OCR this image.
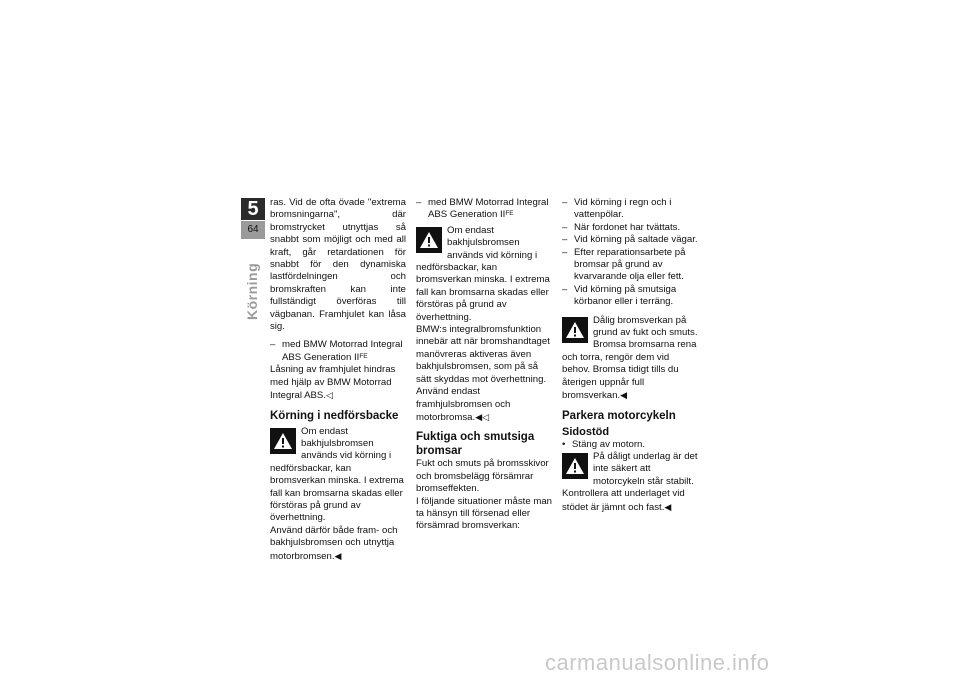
5
64
Körning

ras. Vid de ofta övade "extrema bromsningarna", där bromstrycket utnyttjas så snabbt som möjligt och med all kraft, går retardationen för snabbt för den dynamiska lastfördelningen och bromskraften kan inte fullständigt överföras till vägbanan. Framhjulet kan låsa sig.

– med BMW Motorrad Integral ABS Generation $II^{FE}$

Låsning av framhjulet hindras med hjälp av BMW Motorrad Integral ABS.◁

Körning i nedförsbacke

Om endast bakhjulsbromsen används vid körning i nedförsbackar, kan bromsverkan minska. I extrema fall kan bromsarna skadas eller förstöras på grund av överhettning.

Använd därför både fram- och bakhjulsbromsen och utnyttja motorbromsen.◀

– med BMW Motorrad Integral ABS Generation $II^{FE}$

Om endast bakhjulsbromsen används vid körning i nedförsbackar, kan bromsverkan minska. I extrema fall kan bromsarna skadas eller förstöras på grund av överhettning.

BMW:s integralbromsfunktion innebär att när bromshandtaget manövreras aktiveras även bakhjulsbromsen, som på så sätt skyddas mot överhettning. Använd endast framhjulsbromsen och motorbromsa.◀◁

Fuktiga och smutsiga bromsar

Fukt och smuts på bromsskivor och bromsbelägg försämrar bromseffekten.

I följande situationer måste man ta hänsyn till försenad eller försämrad bromsverkan:

– Vid körning i regn och i vattenpölar.

– När fordonet har tvättats.

– Vid körning på saltade vägar.

– Efter reparationsarbete på bromsar på grund av kvarvarande olja eller fett.

– Vid körning på smutsiga körbanor eller i terräng.

Dålig bromsverkan på grund av fukt och smuts.

Bromsa bromsarna rena och torra, rengör dem vid behov. Bromsa tidigt tills du återigen uppnår full bromsverkan.◀

Parkera motorcykeln
Sidostöd

• Stäng av motorn.

På dåligt underlag är det inte säkert att motorcykeln står stabilt.

Kontrollera att underlaget vid stödet är jämnt och fast.◀

carmanualsonline.info
